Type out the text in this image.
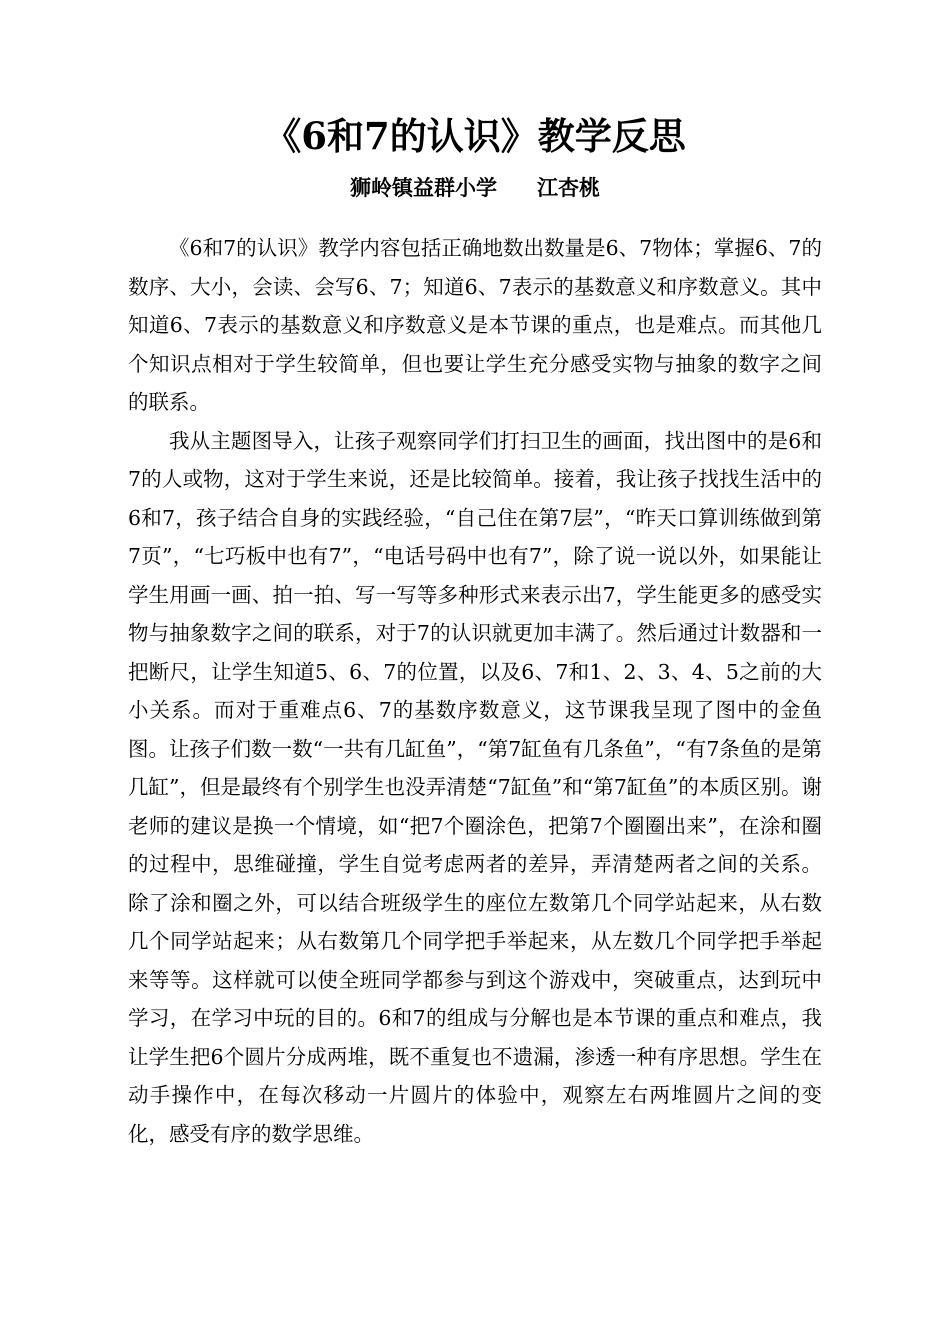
《6和7的认识》教学反思
狮岭镇益群小学 江杏桃

《6和7的认识》教学内容包括正确地数出数量是6、7物体；掌握6、7的数序、大小，会读、会写6、7；知道6、7表示的基数意义和序数意义。其中知道6、7表示的基数意义和序数意义是本节课的重点，也是难点。而其他几个知识点相对于学生较简单，但也要让学生充分感受实物与抽象的数字之间的联系。

我从主题图导入，让孩子观察同学们打扫卫生的画面，找出图中的是6和7的人或物，这对于学生来说，还是比较简单。接着，我让孩子找找生活中的6和7，孩子结合自身的实践经验，“自己住在第7层”，“昨天口算训练做到第7页”，“七巧板中也有7”，“电话号码中也有7”，除了说一说以外，如果能让学生用画一画、拍一拍、写一写等多种形式来表示出7，学生能更多的感受实物与抽象数字之间的联系，对于7的认识就更加丰满了。然后通过计数器和一把断尺，让学生知道5、6、7的位置，以及6、7和1、2、3、4、5之前的大小关系。而对于重难点6、7的基数序数意义，这节课我呈现了图中的金鱼图。让孩子们数一数“一共有几缸鱼”，“第7缸鱼有几条鱼”，“有7条鱼的是第几缸”，但是最终有个别学生也没弄清楚“7缸鱼”和“第7缸鱼”的本质区别。谢老师的建议是换一个情境，如“把7个圈涂色，把第7个圈圈出来”，在涂和圈的过程中，思维碰撞，学生自觉考虑两者的差异，弄清楚两者之间的关系。除了涂和圈之外，可以结合班级学生的座位左数第几个同学站起来，从右数几个同学站起来；从右数第几个同学把手举起来，从左数几个同学把手举起来等等。这样就可以使全班同学都参与到这个游戏中，突破重点，达到玩中学习，在学习中玩的目的。6和7的组成与分解也是本节课的重点和难点，我让学生把6个圆片分成两堆，既不重复也不遗漏，渗透一种有序思想。学生在动手操作中，在每次移动一片圆片的体验中，观察左右两堆圆片之间的变化，感受有序的数学思维。
